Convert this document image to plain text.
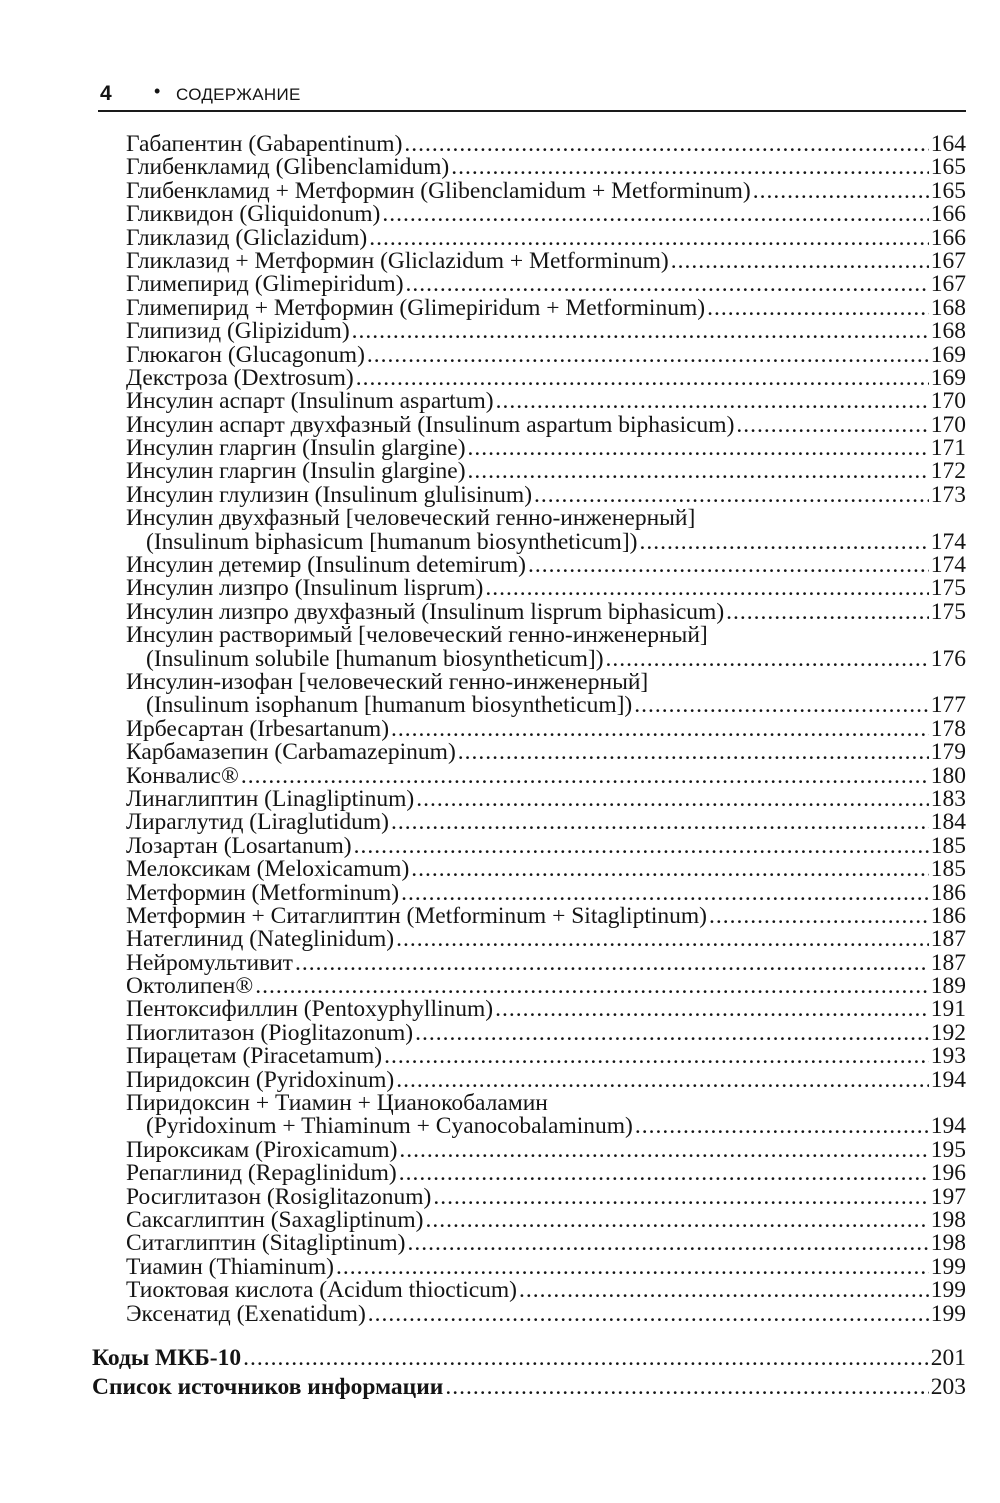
4 • СОДЕРЖАНИЕ
Габапентин (Gabapentinum) .....	164
Глибенкламид (Glibenclamidum) .....	165
Глибенкламид + Метформин (Glibenclamidum + Metforminum) .....	165
Гликвидон (Gliquidonum) .....	166
Гликлазид (Gliclazidum) .....	166
Гликлазид + Метформин (Gliclazidum + Metforminum) .....	167
Глимепирид (Glimepiridum) .....	167
Глимепирид + Метформин (Glimepiridum + Metforminum) .....	168
Глипизид (Glipizidum) .....	168
Глюкагон (Glucagonum) .....	169
Декстроза (Dextrosum) .....	169
Инсулин аспарт (Insulinum aspartum) .....	170
Инсулин аспарт двухфазный (Insulinum aspartum biphasicum) .....	170
Инсулин гларгин (Insulin glargine) .....	171
Инсулин гларгин (Insulin glargine) .....	172
Инсулин глулизин (Insulinum glulisinum) .....	173
Инсулин двухфазный [человеческий генно-инженерный]
(Insulinum biphasicum [humanum biosyntheticum]) .....	174
Инсулин детемир (Insulinum detemirum) .....	174
Инсулин лизпро (Insulinum lisprum) .....	175
Инсулин лизпро двухфазный (Insulinum lisprum biphasicum) .....	175
Инсулин растворимый [человеческий генно-инженерный]
(Insulinum solubile [humanum biosyntheticum]) .....	176
Инсулин-изофан [человеческий генно-инженерный]
(Insulinum isophanum [humanum biosyntheticum]) .....	177
Ирбесартан (Irbesartanum) .....	178
Карбамазепин (Carbamazepinum) .....	179
Конвалис® .....	180
Линаглиптин (Linagliptinum) .....	183
Лираглутид (Liraglutidum) .....	184
Лозартан (Losartanum) .....	185
Мелоксикам (Meloxicamum) .....	185
Метформин (Metforminum) .....	186
Метформин + Ситаглиптин (Metforminum + Sitagliptinum) .....	186
Натеглинид (Nateglinidum) .....	187
Нейромультивит .....	187
Октолипен® .....	189
Пентоксифиллин (Pentoxyphyllinum) .....	191
Пиоглитазон (Pioglitazonum) .....	192
Пирацетам (Piracetamum) .....	193
Пиридоксин (Pyridoxinum) .....	194
Пиридоксин + Тиамин + Цианокобаламин
(Pyridoxinum + Thiaminum + Cyanocobalaminum) .....	194
Пироксикам (Piroxicamum) .....	195
Репаглинид (Repaglinidum) .....	196
Росиглитазон (Rosiglitazonum) .....	197
Саксаглиптин (Saxagliptinum) .....	198
Ситаглиптин (Sitagliptinum) .....	198
Тиамин (Thiaminum) .....	199
Тиоктовая кислота (Acidum thiocticum) .....	199
Эксенатид (Exenatidum) .....	199
Коды МКБ-10 .....	201
Список источников информации .....	203
